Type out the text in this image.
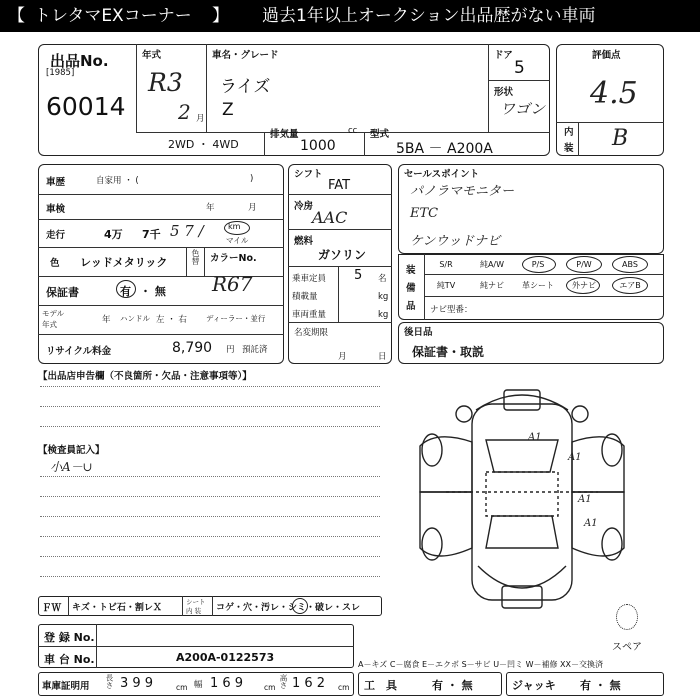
【 トレタマEXコーナー 】 過去1年以上オークション出品歴がない車両
出品No.
[1985]
60014
年式
R3
2 月
車名・グレード
ライズ
Z
ドア
5
形状
ワゴン
2WD ・ 4WD
排気量	cc
1000
型式
5BA － A200A
評価点
4.5
内
装 B
車歴	自家用 ・ (	)
車検	年	月
走行	4万 7千 5 7 /	km
マイル
色 レッドメタリック	色替 カラーNo.
保証書	有 ・ 無 R67
モデル
年式	年 ハンドル 左 ・ 右	ディーラー・並行
リサイクル料金	8,790 円 預託済
シフト
FAT
冷房
AAC
燃料
ガソリン
乗車定員 5 名
積載量	kg
車両重量	kg
名変期限
月	日
セールスポイント
パノラマモニター
ETC
ケンウッドナビ
装
備
品
S/R	純A/W	P/S	P/W	ABS
純TV	純ナビ	革シート	外ナビ	エアB
ナビ型番：
後日品
保証書・取説
【出品店申告欄（不良箇所・欠品・注意事項等）】
【検査員記入】
小A－∪
A1
A1
A1
A1
スペア
ＦＷ キズ・トビ石・割レＸ
シート
内 装 コゲ・穴・汚レ・シミ・破レ・スレ
登 録 No.
車 台 No.	A200A-0122573
A－キズ C－腐食 E－エクボ S－サビ U－凹ミ W－補修 XX－交換済
車庫証明用 長さ 3 9 9	cm 幅 1 6 9	cm 高さ 1 6 2 cm 工　具	有 ・ 無	ジャッキ 有 ・ 無
